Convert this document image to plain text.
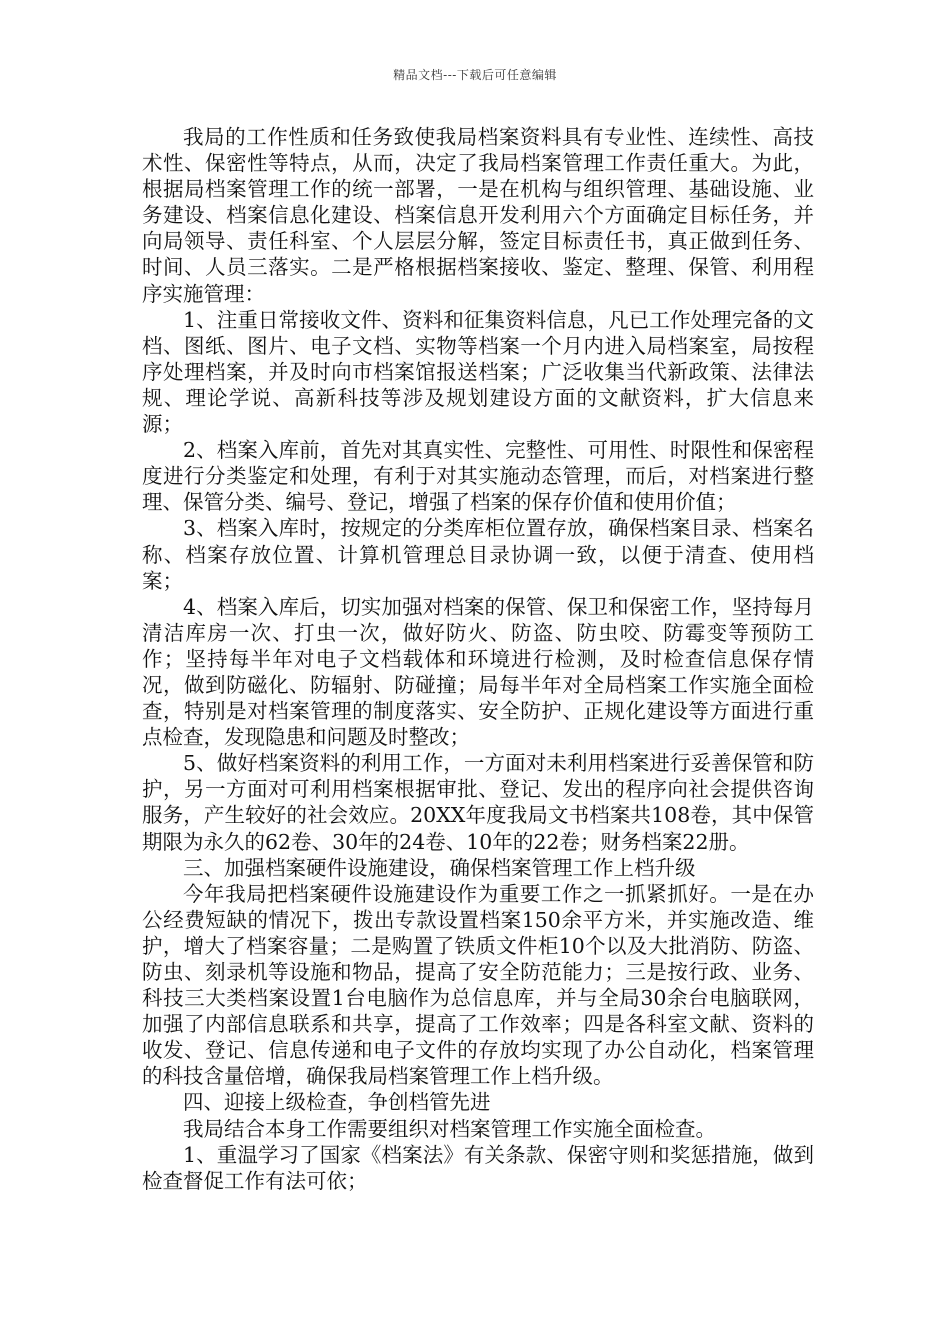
精品文档---下载后可任意编辑

我局的工作性质和任务致使我局档案资料具有专业性、连续性、高技术性、保密性等特点，从而，决定了我局档案管理工作责任重大。为此，根据局档案管理工作的统一部署，一是在机构与组织管理、基础设施、业务建设、档案信息化建设、档案信息开发利用六个方面确定目标任务，并向局领导、责任科室、个人层层分解，签定目标责任书，真正做到任务、时间、人员三落实。二是严格根据档案接收、鉴定、整理、保管、利用程序实施管理：

1、注重日常接收文件、资料和征集资料信息，凡已工作处理完备的文档、图纸、图片、电子文档、实物等档案一个月内进入局档案室，局按程序处理档案，并及时向市档案馆报送档案；广泛收集当代新政策、法律法规、理论学说、高新科技等涉及规划建设方面的文献资料，扩大信息来源；

2、档案入库前，首先对其真实性、完整性、可用性、时限性和保密程度进行分类鉴定和处理，有利于对其实施动态管理，而后，对档案进行整理、保管分类、编号、登记，增强了档案的保存价值和使用价值；

3、档案入库时，按规定的分类库柜位置存放，确保档案目录、档案名称、档案存放位置、计算机管理总目录协调一致，以便于清查、使用档案；

4、档案入库后，切实加强对档案的保管、保卫和保密工作，坚持每月清洁库房一次、打虫一次，做好防火、防盗、防虫咬、防霉变等预防工作；坚持每半年对电子文档载体和环境进行检测，及时检查信息保存情况，做到防磁化、防辐射、防碰撞；局每半年对全局档案工作实施全面检查，特别是对档案管理的制度落实、安全防护、正规化建设等方面进行重点检查，发现隐患和问题及时整改；

5、做好档案资料的利用工作，一方面对未利用档案进行妥善保管和防护，另一方面对可利用档案根据审批、登记、发出的程序向社会提供咨询服务，产生较好的社会效应。20XX年度我局文书档案共108卷，其中保管期限为永久的62卷、30年的24卷、10年的22卷；财务档案22册。

三、加强档案硬件设施建设，确保档案管理工作上档升级

今年我局把档案硬件设施建设作为重要工作之一抓紧抓好。一是在办公经费短缺的情况下，拨出专款设置档案150余平方米，并实施改造、维护，增大了档案容量；二是购置了铁质文件柜10个以及大批消防、防盗、防虫、刻录机等设施和物品，提高了安全防范能力；三是按行政、业务、科技三大类档案设置1台电脑作为总信息库，并与全局30余台电脑联网，加强了内部信息联系和共享，提高了工作效率；四是各科室文献、资料的收发、登记、信息传递和电子文件的存放均实现了办公自动化，档案管理的科技含量倍增，确保我局档案管理工作上档升级。

四、迎接上级检查，争创档管先进

我局结合本身工作需要组织对档案管理工作实施全面检查。

1、重温学习了国家《档案法》有关条款、保密守则和奖惩措施，做到检查督促工作有法可依；
